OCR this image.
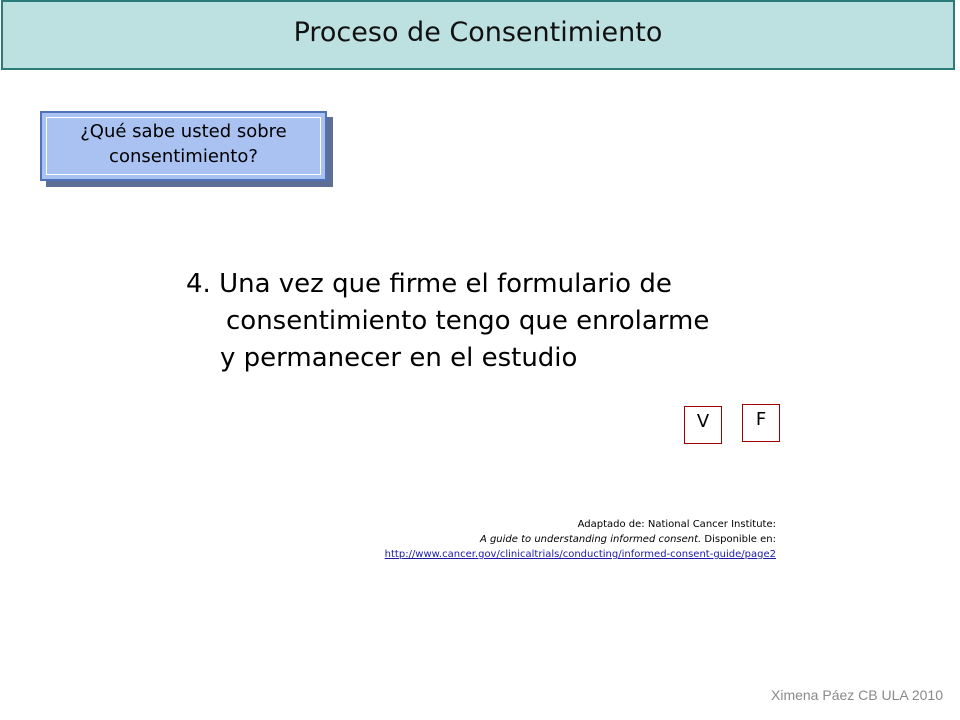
Proceso de Consentimiento
¿Qué sabe usted sobre
consentimiento?
4. Una vez que firme el formulario de
consentimiento tengo que enrolarme
y permanecer en el estudio
V	F
Adaptado de: National Cancer Institute:
A guide to understanding informed consent. Disponible en:
http://www.cancer.gov/clinicaltrials/conducting/informed-consent-guide/page2
Ximena Páez CB ULA 2010
